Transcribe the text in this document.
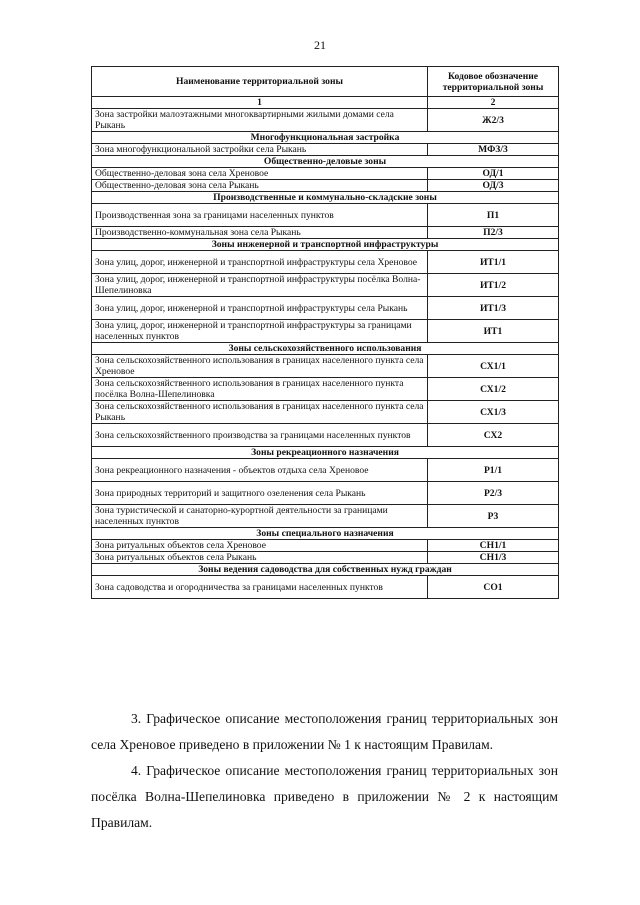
21
Наименование территориальной зоны	Кодовое обозначение территориальной зоны
1	2
Зона застройки малоэтажными многоквартирными жилыми домами села Рыкань	Ж2/3
Многофункциональная застройка	
Зона многофункциональной застройки села Рыкань	МФЗ/3
Общественно-деловые зоны	
Общественно-деловая зона села Хреновое	ОД/1
Общественно-деловая зона села Рыкань	ОД/3
Производственные и коммунально-складские зоны	
Производственная зона за границами населенных пунктов	П1
Производственно-коммунальная зона села Рыкань	П2/3
Зоны инженерной и транспортной инфраструктуры	
Зона улиц, дорог, инженерной и транспортной инфраструктуры села Хреновое	ИТ1/1
Зона улиц, дорог, инженерной и транспортной инфраструктуры посёлка Волна-Шепелиновка	ИТ1/2
Зона улиц, дорог, инженерной и транспортной инфраструктуры села Рыкань	ИТ1/3
Зона улиц, дорог, инженерной и транспортной инфраструктуры за границами населенных пунктов	ИТ1
Зоны сельскохозяйственного использования	
Зона сельскохозяйственного использования в границах населенного пункта села Хреновое	СХ1/1
Зона сельскохозяйственного использования в границах населенного пункта посёлка Волна-Шепелиновка	СХ1/2
Зона сельскохозяйственного использования в границах населенного пункта села Рыкань	СХ1/3
Зона сельскохозяйственного производства за границами населенных пунктов	СХ2
Зоны рекреационного назначения	
Зона рекреационного назначения - объектов отдыха села Хреновое	Р1/1
Зона природных территорий и защитного озеленения села Рыкань	Р2/3
Зона туристической и санаторно-курортной деятельности за границами населенных пунктов	Р3
Зоны специального назначения	
Зона ритуальных объектов села Хреновое	СН1/1
Зона ритуальных объектов села Рыкань	СН1/3
Зоны ведения садоводства для собственных нужд граждан	
Зона садоводства и огородничества за границами населенных пунктов	СО1

3. Графическое описание местоположения границ территориальных зон села Хреновое приведено в приложении № 1 к настоящим Правилам.

4. Графическое описание местоположения границ территориальных зон посёлка Волна-Шепелиновка приведено в приложении № 2 к настоящим Правилам.
